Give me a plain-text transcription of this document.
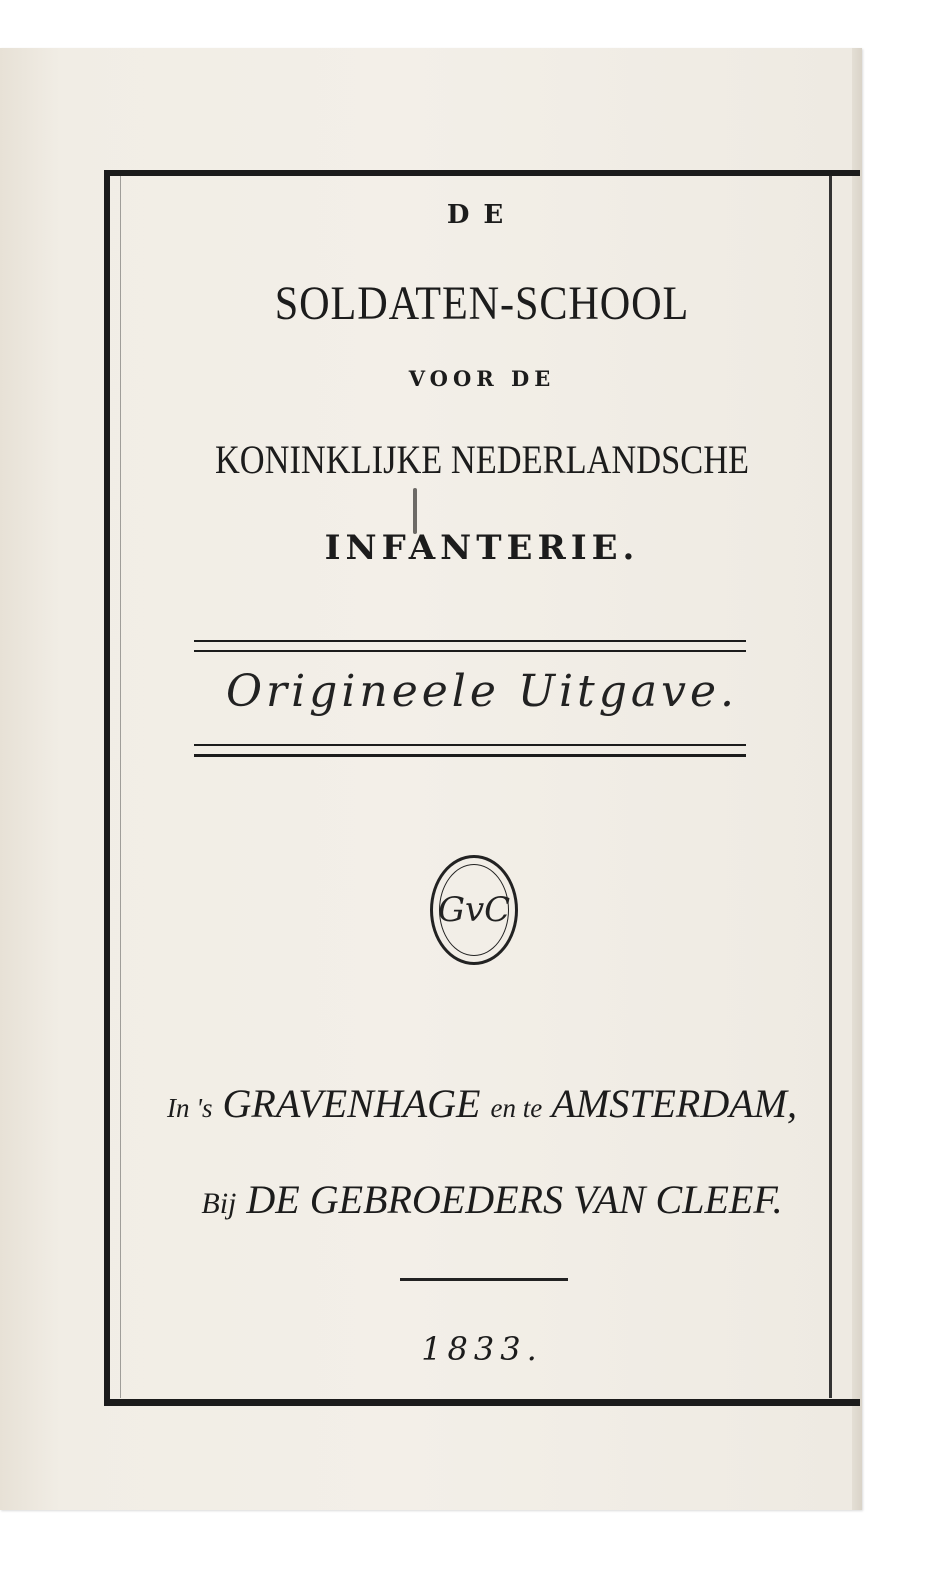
DE

SOLDATEN-SCHOOL

VOOR DE

KONINKLIJKE NEDERLANDSCHE

INFANTERIE.

Origineele Uitgave.

GvC

In 's GRAVENHAGE en te AMSTERDAM,

Bij DE GEBROEDERS VAN CLEEF.

1833.
